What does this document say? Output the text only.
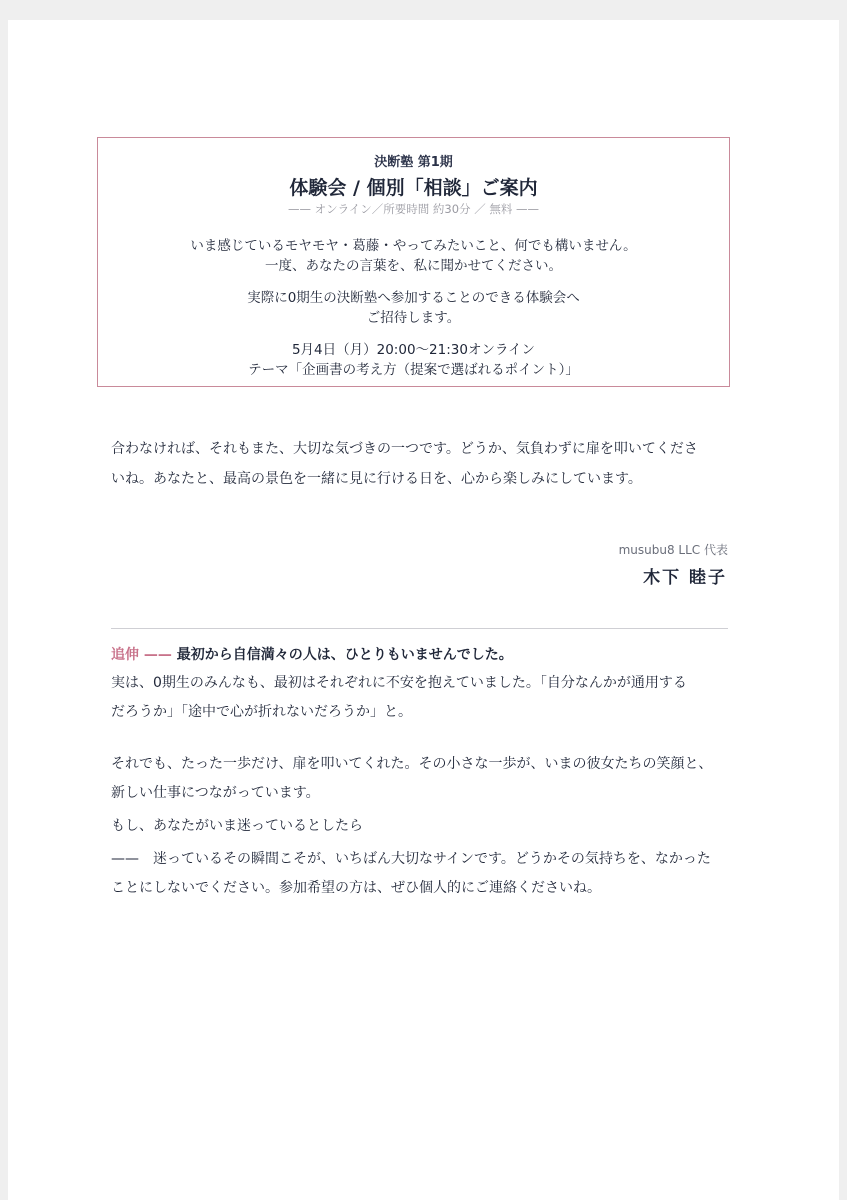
決断塾 第1期
体験会 / 個別「相談」ご案内
—— オンライン／所要時間 約30分 ／ 無料 ——
いま感じているモヤモヤ・葛藤・やってみたいこと、何でも構いません。
一度、あなたの言葉を、私に聞かせてください。
実際に0期生の決断塾へ参加することのできる体験会へ
ご招待します。
5月4日（月）20:00〜21:30オンライン
テーマ「企画書の考え方（提案で選ばれるポイント）」
合わなければ、それもまた、大切な気づきの一つです。どうか、気負わずに扉を叩いてくださ
いね。あなたと、最高の景色を一緒に見に行ける日を、心から楽しみにしています。
musubu8 LLC 代表
木下 睦子
追伸 —— 最初から自信満々の人は、ひとりもいませんでした。
実は、0期生のみんなも、最初はそれぞれに不安を抱えていました。「自分なんかが通用する
だろうか」「途中で心が折れないだろうか」と。
それでも、たった一歩だけ、扉を叩いてくれた。その小さな一歩が、いまの彼女たちの笑顔と、
新しい仕事につながっています。
もし、あなたがいま迷っているとしたら
——　迷っているその瞬間こそが、いちばん大切なサインです。どうかその気持ちを、なかった
ことにしないでください。参加希望の方は、ぜひ個人的にご連絡くださいね。
